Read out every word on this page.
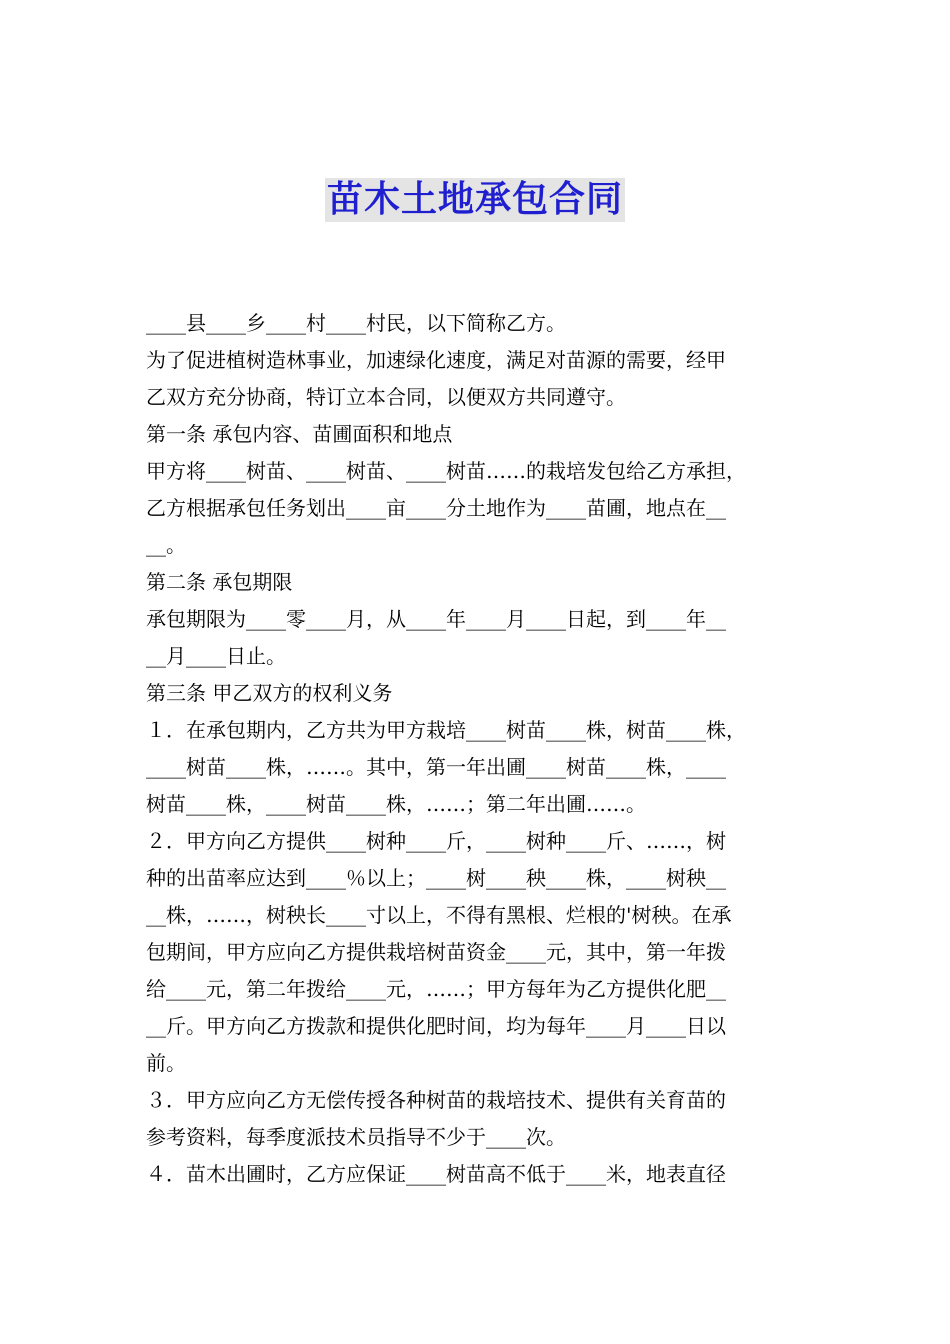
苗木土地承包合同
____县____乡____村____村民，以下简称乙方。
为了促进植树造林事业，加速绿化速度，满足对苗源的需要，经甲
乙双方充分协商，特订立本合同，以便双方共同遵守。
第一条 承包内容、苗圃面积和地点
甲方将____树苗、____树苗、____树苗……的栽培发包给乙方承担，
乙方根据承包任务划出____亩____分土地作为____苗圃，地点在__
__。
第二条 承包期限
承包期限为____零____月，从____年____月____日起，到____年__
__月____日止。
第三条 甲乙双方的权利义务
１．在承包期内，乙方共为甲方栽培____树苗____株，树苗____株，
____树苗____株，……。其中，第一年出圃____树苗____株，____
树苗____株，____树苗____株，……；第二年出圃……。
２．甲方向乙方提供____树种____斤，____树种____斤、……，树
种的出苗率应达到____％以上；____树____秧____株，____树秧__
__株，……，树秧长____寸以上，不得有黑根、烂根的'树秧。在承
包期间，甲方应向乙方提供栽培树苗资金____元，其中，第一年拨
给____元，第二年拨给____元，……；甲方每年为乙方提供化肥__
__斤。甲方向乙方拨款和提供化肥时间，均为每年____月____日以
前。
３．甲方应向乙方无偿传授各种树苗的栽培技术、提供有关育苗的
参考资料，每季度派技术员指导不少于____次。
４．苗木出圃时，乙方应保证____树苗高不低于____米，地表直径
